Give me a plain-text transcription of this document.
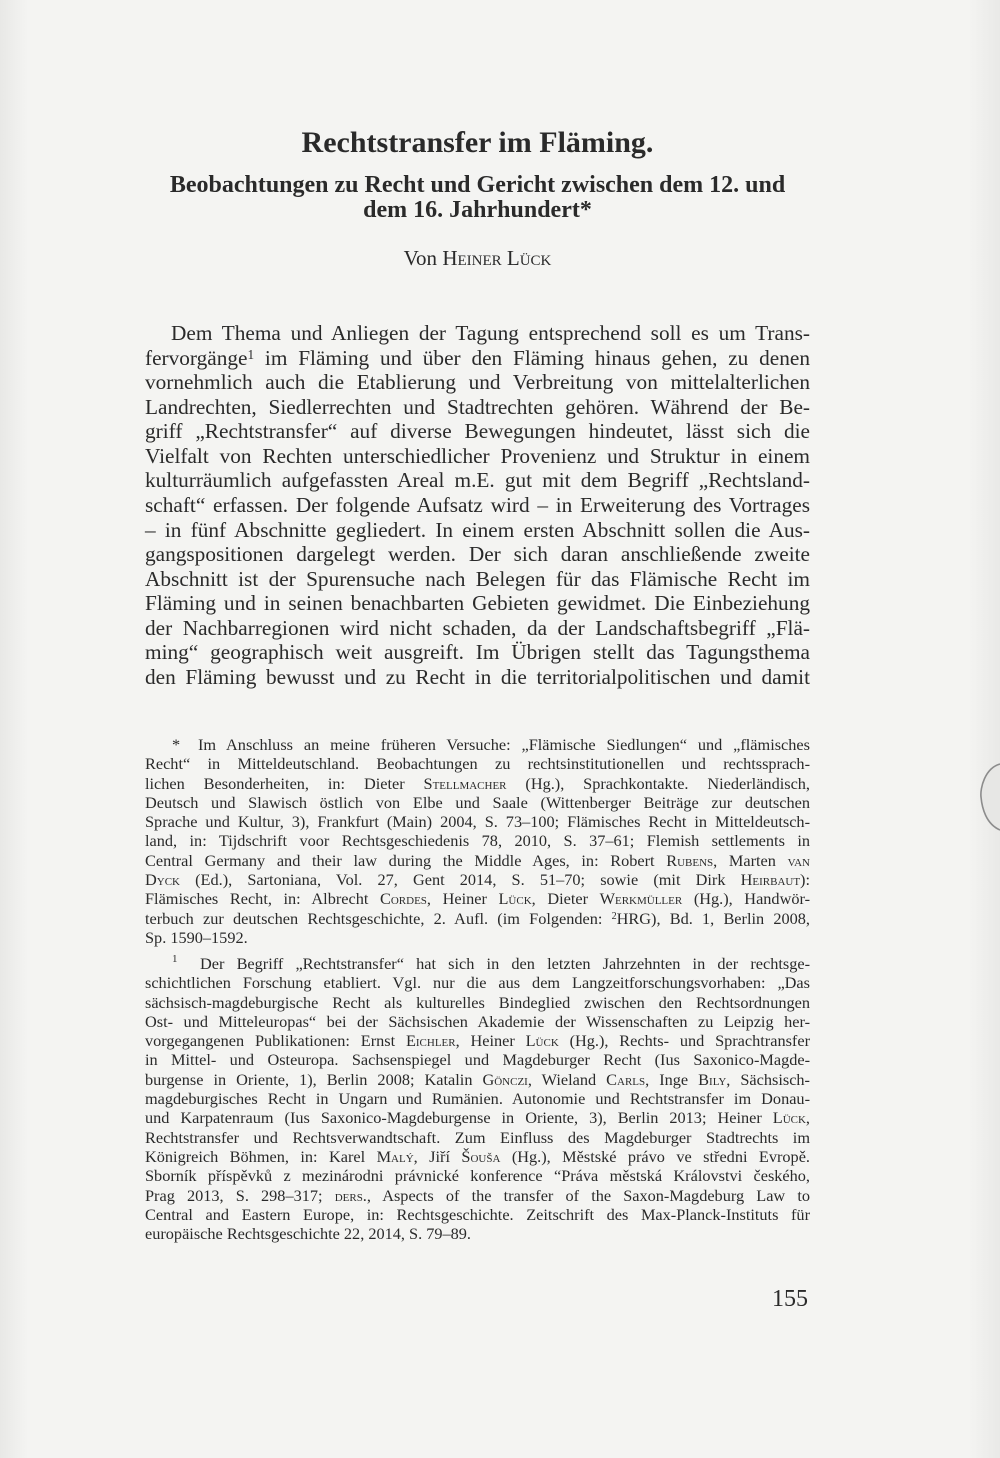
Rechtstransfer im Fläming.
Beobachtungen zu Recht und Gericht zwischen dem 12. und
dem 16. Jahrhundert*
Von Heiner Lück
Dem Thema und Anliegen der Tagung entsprechend soll es um Trans-
fervorgänge$^1$ im Fläming und über den Fläming hinaus gehen, zu denen
vornehmlich auch die Etablierung und Verbreitung von mittelalterlichen
Landrechten, Siedlerrechten und Stadtrechten gehören. Während der Be-
griff „Rechtstransfer“ auf diverse Bewegungen hindeutet, lässt sich die
Vielfalt von Rechten unterschiedlicher Provenienz und Struktur in einem
kulturräumlich aufgefassten Areal m.E. gut mit dem Begriff „Rechtsland-
schaft“ erfassen. Der folgende Aufsatz wird – in Erweiterung des Vortrages
– in fünf Abschnitte gegliedert. In einem ersten Abschnitt sollen die Aus-
gangspositionen dargelegt werden. Der sich daran anschließende zweite
Abschnitt ist der Spurensuche nach Belegen für das Flämische Recht im
Fläming und in seinen benachbarten Gebieten gewidmet. Die Einbeziehung
der Nachbarregionen wird nicht schaden, da der Landschaftsbegriff „Flä-
ming“ geographisch weit ausgreift. Im Übrigen stellt das Tagungsthema
den Fläming bewusst und zu Recht in die territorialpolitischen und damit
*	Im Anschluss an meine früheren Versuche: „Flämische Siedlungen“ und „flämisches
Recht“ in Mitteldeutschland. Beobachtungen zu rechtsinstitutionellen und rechtssprach-
lichen Besonderheiten, in: Dieter Stellmacher (Hg.), Sprachkontakte. Niederländisch,
Deutsch und Slawisch östlich von Elbe und Saale (Wittenberger Beiträge zur deutschen
Sprache und Kultur, 3), Frankfurt (Main) 2004, S. 73–100; Flämisches Recht in Mitteldeutsch-
land, in: Tijdschrift voor Rechtsgeschiedenis 78, 2010, S. 37–61; Flemish settlements in
Central Germany and their law during the Middle Ages, in: Robert Rubens, Marten van
Dyck (Ed.), Sartoniana, Vol. 27, Gent 2014, S. 51–70; sowie (mit Dirk Heirbaut):
Flämisches Recht, in: Albrecht Cordes, Heiner Lück, Dieter Werkmüller (Hg.), Handwör-
terbuch zur deutschen Rechtsgeschichte, 2. Aufl. (im Folgenden: $^2$HRG), Bd. 1, Berlin 2008,
Sp. 1590–1592.
1	Der Begriff „Rechtstransfer“ hat sich in den letzten Jahrzehnten in der rechtsge-
schichtlichen Forschung etabliert. Vgl. nur die aus dem Langzeitforschungsvorhaben: „Das
sächsisch-magdeburgische Recht als kulturelles Bindeglied zwischen den Rechtsordnungen
Ost- und Mitteleuropas“ bei der Sächsischen Akademie der Wissenschaften zu Leipzig her-
vorgegangenen Publikationen: Ernst Eichler, Heiner Lück (Hg.), Rechts- und Sprachtransfer
in Mittel- und Osteuropa. Sachsenspiegel und Magdeburger Recht (Ius Saxonico-Magde-
burgense in Oriente, 1), Berlin 2008; Katalin Gönczi, Wieland Carls, Inge Bily, Sächsisch-
magdeburgisches Recht in Ungarn und Rumänien. Autonomie und Rechtstransfer im Donau-
und Karpatenraum (Ius Saxonico-Magdeburgense in Oriente, 3), Berlin 2013; Heiner Lück,
Rechtstransfer und Rechtsverwandtschaft. Zum Einfluss des Magdeburger Stadtrechts im
Königreich Böhmen, in: Karel Malý, Jiří Šouša (Hg.), Městské právo ve středni Evropě.
Sborník příspěvků z mezinárodni právnické konference “Práva městská Královstvi českého,
Prag 2013, S. 298–317; ders., Aspects of the transfer of the Saxon-Magdeburg Law to
Central and Eastern Europe, in: Rechtsgeschichte. Zeitschrift des Max-Planck-Instituts für
europäische Rechtsgeschichte 22, 2014, S. 79–89.
155
